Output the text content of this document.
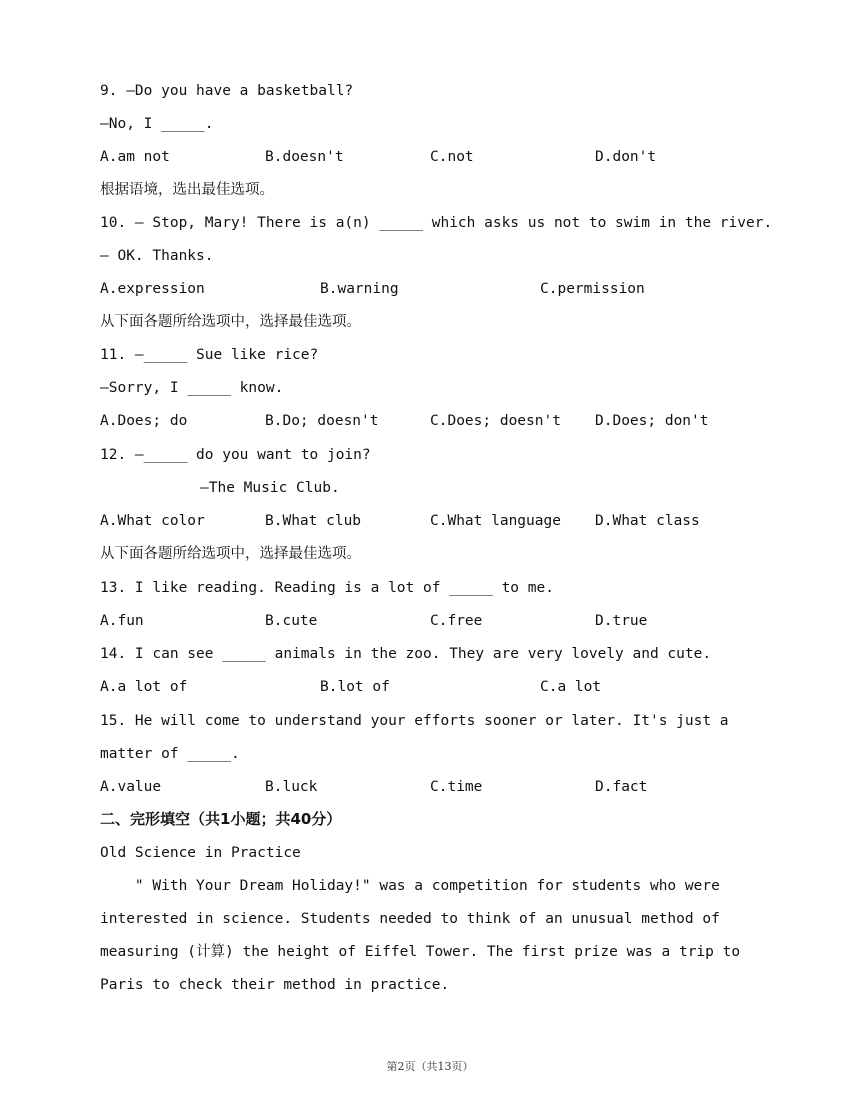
9. —Do you have a basketball?
—No, I _____.
A.am not	B.doesn't	C.not	D.don't
根据语境，选出最佳选项。
10. — Stop, Mary! There is a(n) _____ which asks us not to swim in the river.
— OK. Thanks.
A.expression	B.warning	C.permission
从下面各题所给选项中，选择最佳选项。
11. —_____ Sue like rice?
—Sorry, I _____ know.
A.Does; do	B.Do; doesn't	C.Does; doesn't D.Does; don't
12. —_____ do you want to join?
—The Music Club.
A.What color	B.What club	C.What language D.What class
从下面各题所给选项中，选择最佳选项。
13. I like reading. Reading is a lot of _____ to me.
A.fun	B.cute	C.free	D.true
14. I can see _____ animals in the zoo. They are very lovely and cute.
A.a lot of	B.lot of	C.a lot
15. He will come to understand your efforts sooner or later. It's just a
matter of _____.
A.value	B.luck	C.time	D.fact
二、完形填空（共1小题；共40分）
Old Science in Practice
" With Your Dream Holiday!" was a competition for students who were
interested in science. Students needed to think of an unusual method of
measuring (计算) the height of Eiffel Tower. The first prize was a trip to
Paris to check their method in practice.
第2页（共13页）
